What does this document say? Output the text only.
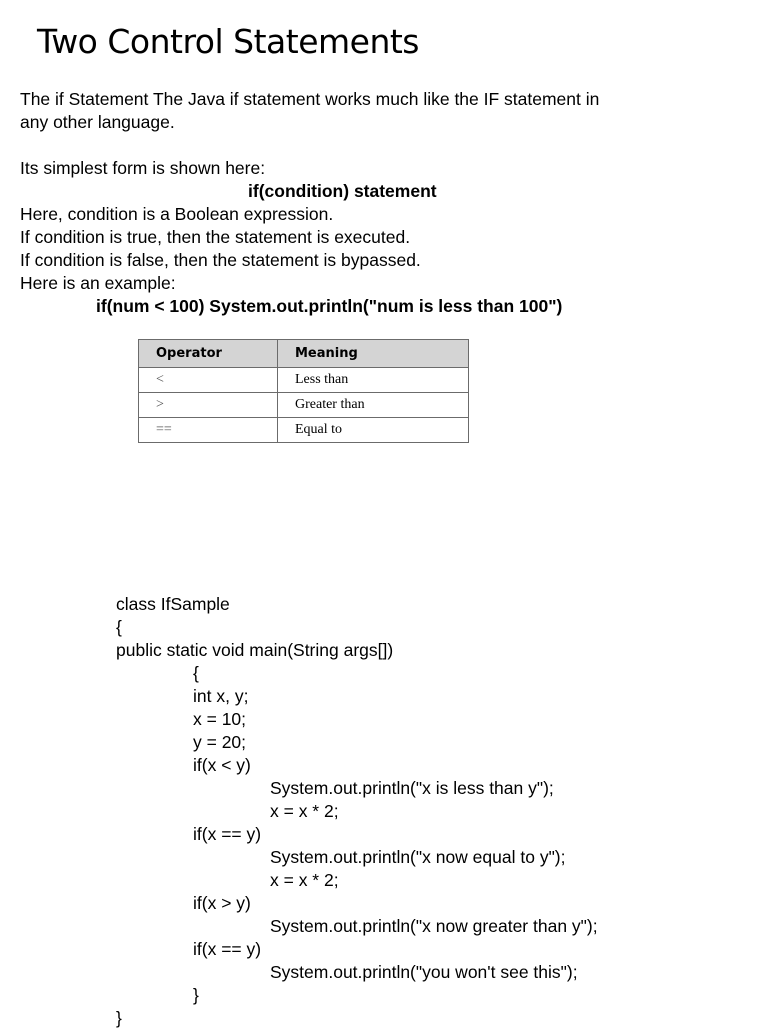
Two Control Statements

The if Statement The Java if statement works much like the IF statement in

any other language.

Its simplest form is shown here:

if(condition) statement

Here, condition is a Boolean expression.

If condition is true, then the statement is executed.

If condition is false, then the statement is bypassed.

Here is an example:

if(num < 100) System.out.println("num is less than 100")

Operator	Meaning
<	Less than
>	Greater than
==	Equal to
class IfSample
{
public static void main(String args[])
{
int x, y;
x = 10;
y = 20;
if(x < y)
System.out.println("x is less than y");
x = x * 2;
if(x == y)
System.out.println("x now equal to y");
x = x * 2;
if(x > y)
System.out.println("x now greater than y");
if(x == y)
System.out.println("you won't see this");
}
}
